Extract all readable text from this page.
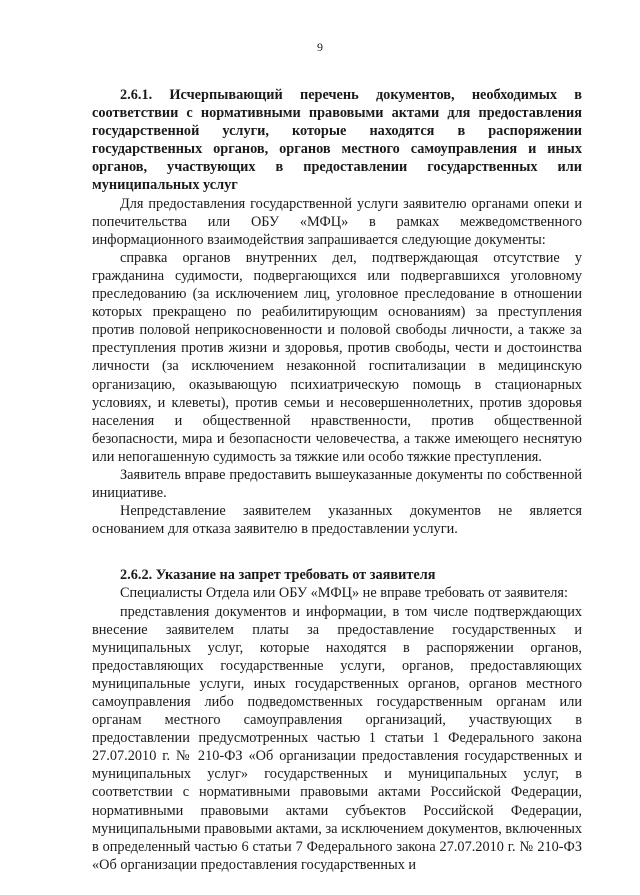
9

2.6.1. Исчерпывающий перечень документов, необходимых в соответствии с нормативными правовыми актами для предоставления государственной услуги, которые находятся в распоряжении государственных органов, органов местного самоуправления и иных органов, участвующих в предоставлении государственных или муниципальных услуг

Для предоставления государственной услуги заявителю органами опеки и попечительства или ОБУ «МФЦ» в рамках межведомственного информационного взаимодействия запрашивается следующие документы:

справка органов внутренних дел, подтверждающая отсутствие у гражданина судимости, подвергающихся или подвергавшихся уголовному преследованию (за исключением лиц, уголовное преследование в отношении которых прекращено по реабилитирующим основаниям) за преступления против половой неприкосновенности и половой свободы личности, а также за преступления против жизни и здоровья, против свободы, чести и достоинства личности (за исключением незаконной госпитализации в медицинскую организацию, оказывающую психиатрическую помощь в стационарных условиях, и клеветы), против семьи и несовершеннолетних, против здоровья населения и общественной нравственности, против общественной безопасности, мира и безопасности человечества, а также имеющего неснятую или непогашенную судимость за тяжкие или особо тяжкие преступления.

Заявитель вправе предоставить вышеуказанные документы по собственной инициативе.

Непредставление заявителем указанных документов не является основанием для отказа заявителю в предоставлении услуги.

2.6.2. Указание на запрет требовать от заявителя

Специалисты Отдела или ОБУ «МФЦ» не вправе требовать от заявителя:

представления документов и информации, в том числе подтверждающих внесение заявителем платы за предоставление государственных и муниципальных услуг, которые находятся в распоряжении органов, предоставляющих государственные услуги, органов, предоставляющих муниципальные услуги, иных государственных органов, органов местного самоуправления либо подведомственных государственным органам или органам местного самоуправления организаций, участвующих в предоставлении предусмотренных частью 1 статьи 1 Федерального закона 27.07.2010 г. № 210-ФЗ «Об организации предоставления государственных и муниципальных услуг» государственных и муниципальных услуг, в соответствии с нормативными правовыми актами Российской Федерации, нормативными правовыми актами субъектов Российской Федерации, муниципальными правовыми актами, за исключением документов, включенных в определенный частью 6 статьи 7 Федерального закона 27.07.2010 г. № 210-ФЗ «Об организации предоставления государственных и
